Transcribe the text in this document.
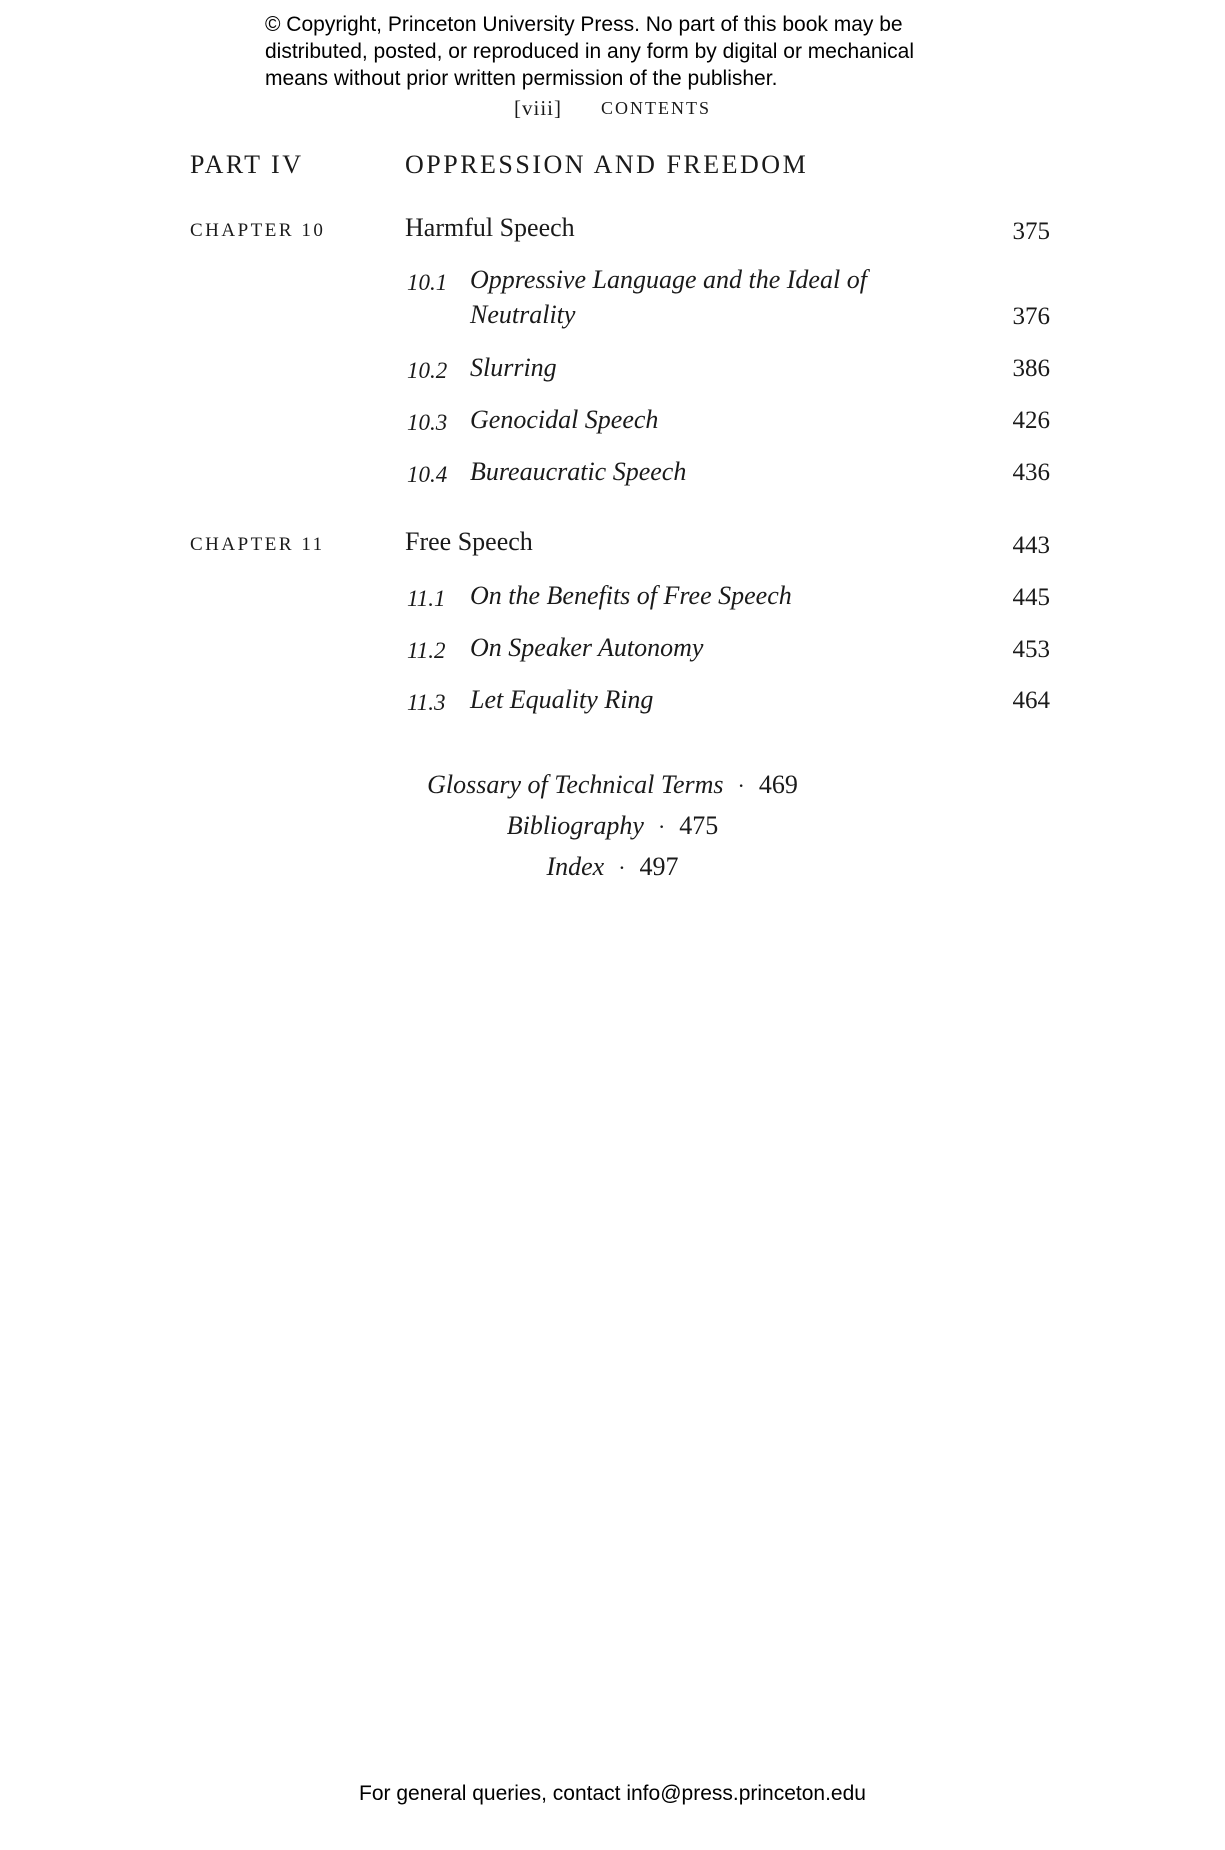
© Copyright, Princeton University Press. No part of this book may be
distributed, posted, or reproduced in any form by digital or mechanical
means without prior written permission of the publisher.
[viii] CONTENTS
PART IV	OPPRESSION AND FREEDOM
CHAPTER 10	Harmful Speech	375
10.1 Oppressive Language and the Ideal of
Neutrality	376
10.2 Slurring	386
10.3 Genocidal Speech	426
10.4 Bureaucratic Speech	436
CHAPTER 11	Free Speech	443
11.1 On the Benefits of Free Speech	445
11.2 On Speaker Autonomy	453
11.3 Let Equality Ring	464
Glossary of Technical Terms · 469
Bibliography · 475
Index · 497
For general queries, contact info@press.princeton.edu
